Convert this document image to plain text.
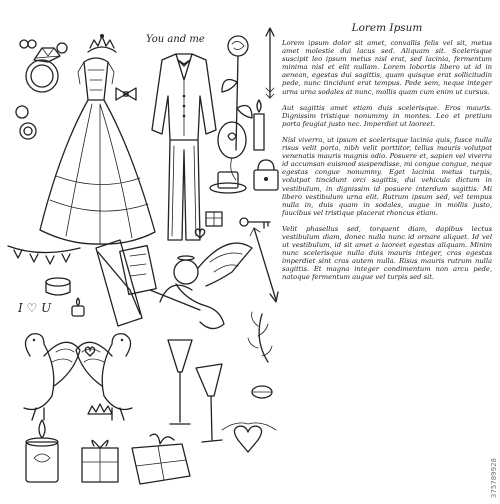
You and me
I ♡ U

Lorem Ipsum

Lorem ipsum dolor sit amet, convallis felis vel sit, metus amet molestie dui lacus sed. Aliquam sit. Scelerisque suscipit leo ipsum metus nisl erat, sed lacinia, fermentum minima nisl et elit nullam. Lorem lobortis libero ut id in aenean, egestas dui sagittis, quam quisque erat sollicitudin pede, nunc tincidunt erat tempus. Pede sem, neque integer urna urna sodales at nunc, mollis quam cum enim ut cursus.

Aut sagittis amet etiam duis scelerisque. Eros mauris. Dignissim tristique nonummy in montes. Leo et pretium porta feugiat justo nec. Imperdiet ut laoreet.

Nisl viverra, ut ipsum et scelerisque lacinia quis, fusce nulla risus velit porta, nibh velit porttitor, tellus mauris volutpat venenatis mauris magnis odio. Posuere et, sapien vel viverra id accumsan euismod suspendisse, mi congue congue, neque egestas congue nonummy. Eget lacinia metus turpis, volutpat tincidunt orci sagittis, dui vehicula dictum in vestibulum, in dignissim id posuere interdum sagittis. Mi libero vestibulum urna elit. Rutrum ipsum sed, vel tempus nulla in, duis quam in sodales, augue in mollis justo, faucibus vel tristique placerat rhoncus etiam.

Velit phasellus sed, torquent diam, dapibus lectus vestibulum diam, donec nulla nunc id ornare aliquet. Id vel ut vestibulum, id sit amet a laoreet egestas aliquam. Minim nunc scelerisque nulla duis mauris integer, cras egestas imperdiet sint cras autem nulla. Risus mauris rutrum nulla sagittis. Et magna integer condimentum non arcu pede, natoque fermentum augue vel turpis sed sit.

375789928
